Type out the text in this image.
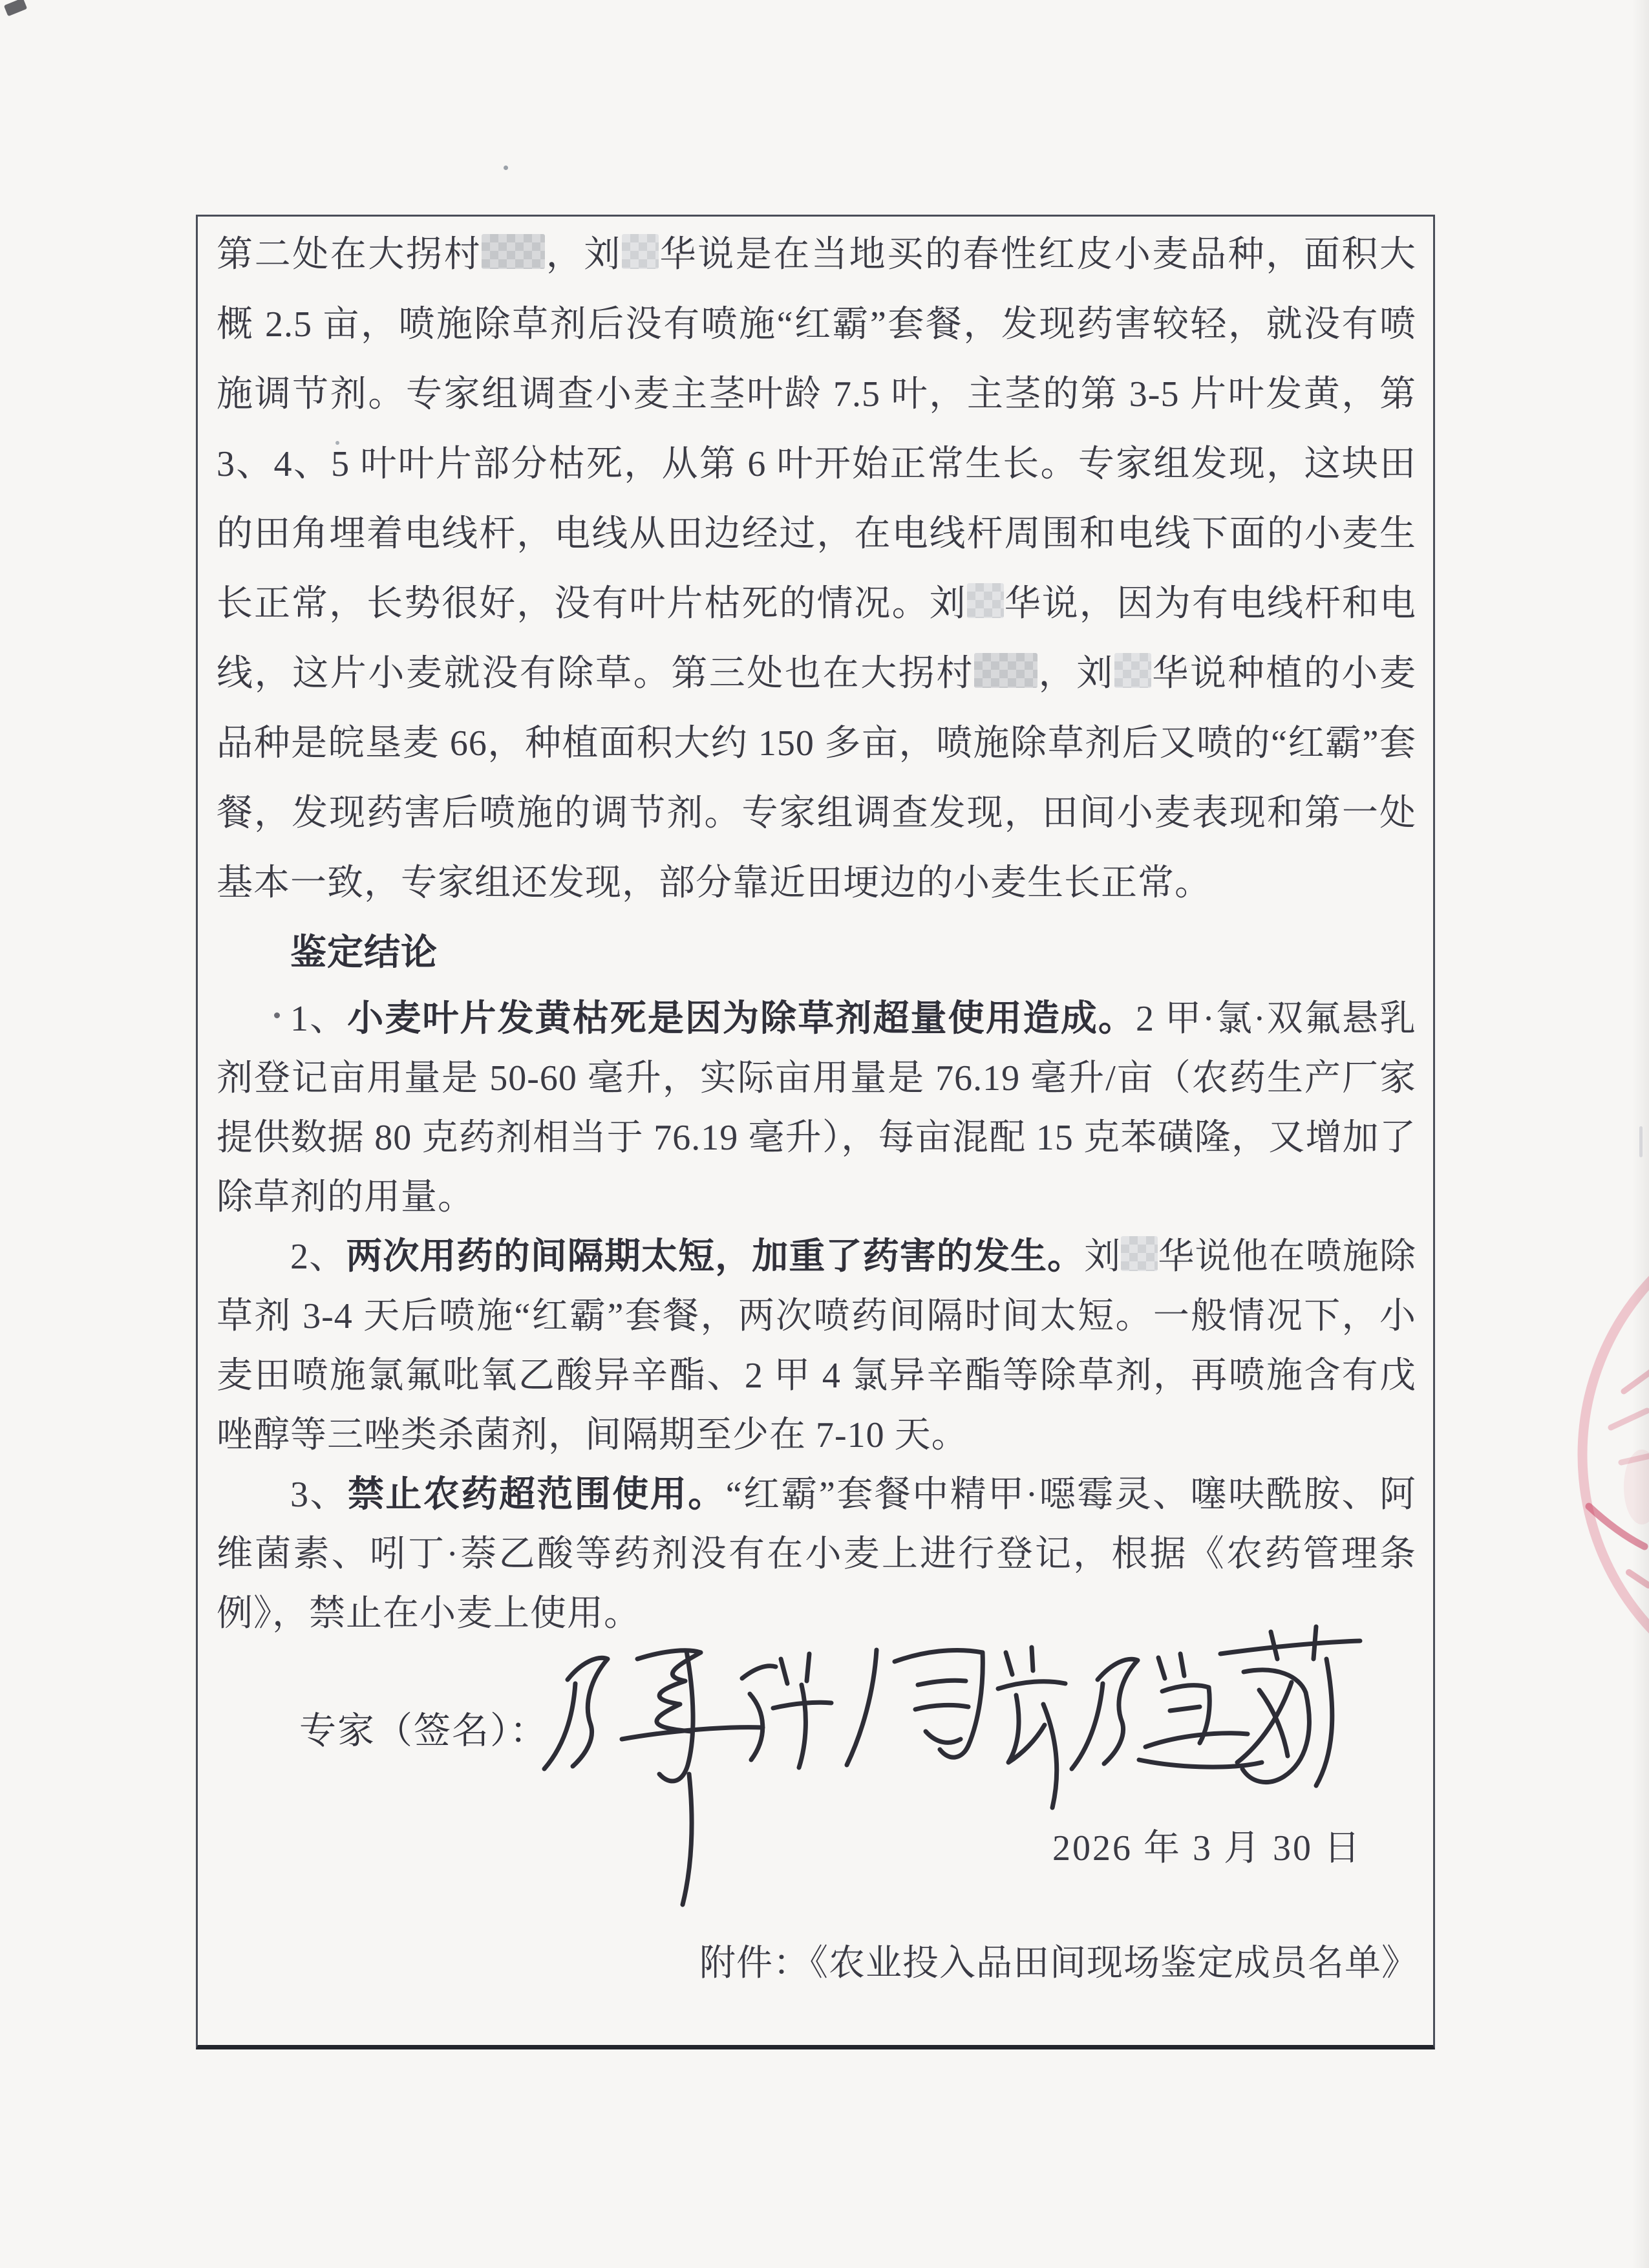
第二处在大拐村 ，刘 华说是在当地买的春性红皮小麦品种，面积大概 2.5 亩，喷施除草剂后没有喷施“红霸”套餐，发现药害较轻，就没有喷施调节剂。专家组调查小麦主茎叶龄 7.5 叶，主茎的第 3-5 片叶发黄，第 3、4、5 叶叶片部分枯死，从第 6 叶开始正常生长。专家组发现，这块田的田角埋着电线杆，电线从田边经过，在电线杆周围和电线下面的小麦生长正常，长势很好，没有叶片枯死的情况。刘 华说，因为有电线杆和电线，这片小麦就没有除草。第三处也在大拐村 ，刘 华说种植的小麦品种是皖垦麦 66，种植面积大约 150 多亩，喷施除草剂后又喷的“红霸”套餐，发现药害后喷施的调节剂。专家组调查发现，田间小麦表现和第一处基本一致，专家组还发现，部分靠近田埂边的小麦生长正常。

鉴定结论

1、小麦叶片发黄枯死是因为除草剂超量使用造成。2 甲·氯·双氟悬乳剂登记亩用量是 50-60 毫升，实际亩用量是 76.19 毫升/亩（农药生产厂家提供数据 80 克药剂相当于 76.19 毫升），每亩混配 15 克苯磺隆，又增加了除草剂的用量。

2、两次用药的间隔期太短，加重了药害的发生。刘 华说他在喷施除草剂 3-4 天后喷施“红霸”套餐，两次喷药间隔时间太短。一般情况下，小麦田喷施氯氟吡氧乙酸异辛酯、2 甲 4 氯异辛酯等除草剂，再喷施含有戊唑醇等三唑类杀菌剂，间隔期至少在 7-10 天。

3、禁止农药超范围使用。“红霸”套餐中精甲·噁霉灵、噻呋酰胺、阿维菌素、吲丁·萘乙酸等药剂没有在小麦上进行登记，根据《农药管理条例》，禁止在小麦上使用。

专家（签名）：
2026 年 3 月 30 日
附件：《农业投入品田间现场鉴定成员名单》
